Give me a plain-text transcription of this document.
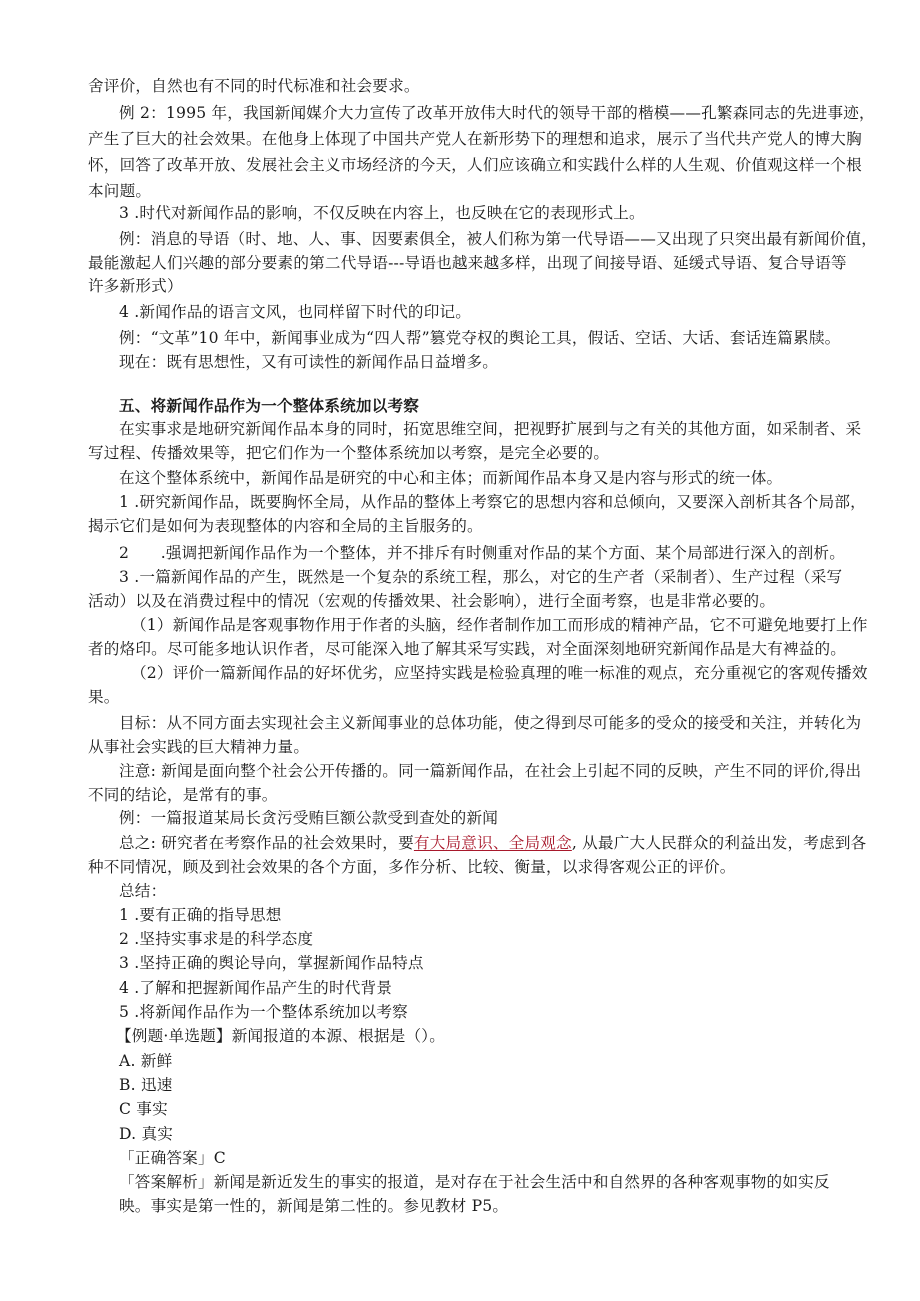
舍评价，自然也有不同的时代标准和社会要求。
例 2：1995 年，我国新闻媒介大力宣传了改革开放伟大时代的领导干部的楷模——孔繁森同志的先进事迹，
产生了巨大的社会效果。在他身上体现了中国共产党人在新形势下的理想和追求，展示了当代共产党人的博大胸
怀，回答了改革开放、发展社会主义市场经济的今天，人们应该确立和实践什么样的人生观、价值观这样一个根
本问题。
3 .时代对新闻作品的影响，不仅反映在内容上，也反映在它的表现形式上。
例：消息的导语（时、地、人、事、因要素俱全，被人们称为第一代导语——又出现了只突出最有新闻价值，
最能激起人们兴趣的部分要素的第二代导语---导语也越来越多样，出现了间接导语、延缓式导语、复合导语等
许多新形式）
4 .新闻作品的语言文风，也同样留下时代的印记。
例：“文革”10 年中，新闻事业成为“四人帮”篡党夺权的舆论工具，假话、空话、大话、套话连篇累牍。
现在：既有思想性，又有可读性的新闻作品日益增多。
五、将新闻作品作为一个整体系统加以考察
在实事求是地研究新闻作品本身的同时，拓宽思维空间，把视野扩展到与之有关的其他方面，如采制者、采
写过程、传播效果等，把它们作为一个整体系统加以考察，是完全必要的。
在这个整体系统中，新闻作品是研究的中心和主体；而新闻作品本身又是内容与形式的统一体。
1 .研究新闻作品，既要胸怀全局，从作品的整体上考察它的思想内容和总倾向，又要深入剖析其各个局部，
揭示它们是如何为表现整体的内容和全局的主旨服务的。
2　　.强调把新闻作品作为一个整体，并不排斥有时侧重对作品的某个方面、某个局部进行深入的剖析。
3 .一篇新闻作品的产生，既然是一个复杂的系统工程，那么，对它的生产者（采制者）、生产过程（采写
活动）以及在消费过程中的情况（宏观的传播效果、社会影响），进行全面考察，也是非常必要的。
（1）新闻作品是客观事物作用于作者的头脑，经作者制作加工而形成的精神产品，它不可避免地要打上作
者的烙印。尽可能多地认识作者，尽可能深入地了解其采写实践，对全面深刻地研究新闻作品是大有裨益的。
（2）评价一篇新闻作品的好坏优劣，应坚持实践是检验真理的唯一标准的观点，充分重视它的客观传播效
果。
目标：从不同方面去实现社会主义新闻事业的总体功能，使之得到尽可能多的受众的接受和关注，并转化为
从事社会实践的巨大精神力量。
注意: 新闻是面向整个社会公开传播的。同一篇新闻作品，在社会上引起不同的反映，产生不同的评价,得出
不同的结论，是常有的事。
例：一篇报道某局长贪污受贿巨额公款受到查处的新闻
总之: 研究者在考察作品的社会效果时，要有大局意识、全局观念, 从最广大人民群众的利益出发，考虑到各
种不同情况，顾及到社会效果的各个方面，多作分析、比较、衡量，以求得客观公正的评价。
总结：
1 .要有正确的指导思想
2 .坚持实事求是的科学态度
3 .坚持正确的舆论导向，掌握新闻作品特点
4 .了解和把握新闻作品产生的时代背景
5 .将新闻作品作为一个整体系统加以考察
【例题·单选题】新闻报道的本源、根据是（）。
A. 新鲜
B. 迅速
C 事实
D. 真实
「正确答案」C
「答案解析」新闻是新近发生的事实的报道，是对存在于社会生活中和自然界的各种客观事物的如实反
映。事实是第一性的，新闻是第二性的。参见教材 P5。
